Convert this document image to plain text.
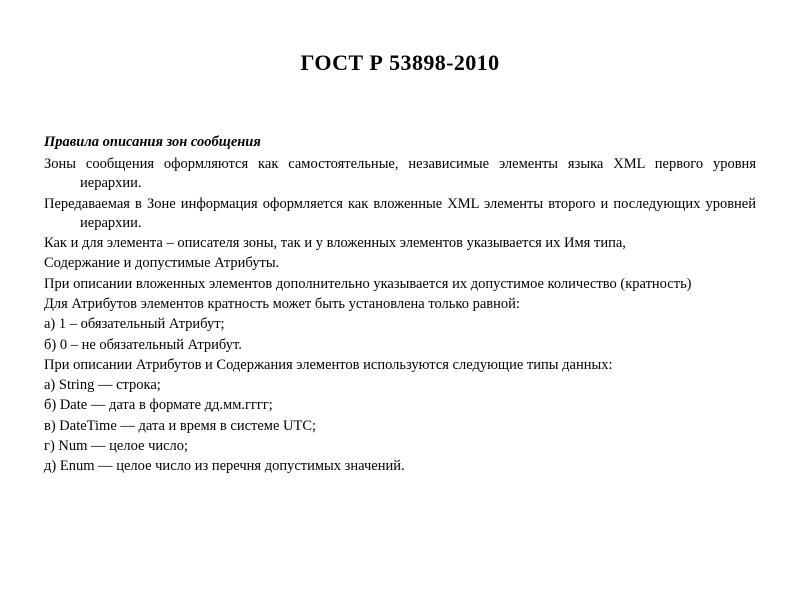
ГОСТ Р 53898-2010
Правила описания зон сообщения

Зоны сообщения оформляются как самостоятельные, независимые элементы языка XML первого уровня иерархии.

Передаваемая в Зоне информация оформляется как вложенные XML элементы второго и последующих уровней иерархии.

Как и для элемента – описателя зоны, так и у вложенных элементов указывается их Имя типа,

Содержание и допустимые Атрибуты.

При описании вложенных элементов дополнительно указывается их допустимое количество (кратность)

Для Атрибутов элементов кратность может быть установлена только равной:

а) 1 – обязательный Атрибут;

б) 0 – не обязательный Атрибут.

При описании Атрибутов и Содержания элементов используются следующие типы данных:

а) String — строка;

б) Date — дата в формате дд.мм.гггг;

в) DateTime — дата и время в системе UTC;

г) Num — целое число;

д) Enum — целое число из перечня допустимых значений.
